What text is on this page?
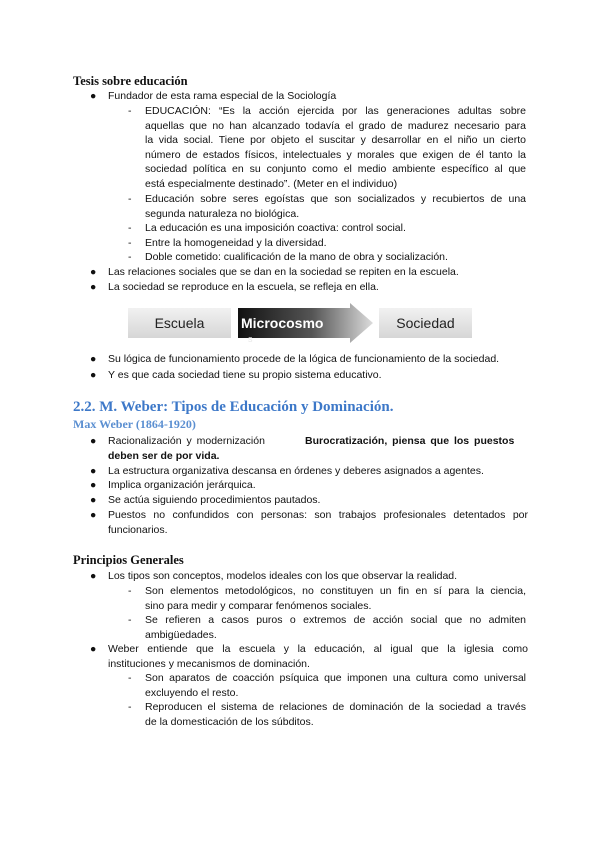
Tesis sobre educación
●	Fundador de esta rama especial de la Sociología
-	EDUCACIÓN: “Es la acción ejercida por las generaciones adultas sobre
aquellas que no han alcanzado todavía el grado de madurez necesario para
la vida social. Tiene por objeto el suscitar y desarrollar en el niño un cierto
número de estados físicos, intelectuales y morales que exigen de él tanto la
sociedad política en su conjunto como el medio ambiente específico al que
está especialmente destinado”. (Meter en el individuo)
-	Educación sobre seres egoístas que son socializados y recubiertos de una
segunda naturaleza no biológica.
-	La educación es una imposición coactiva: control social.
-	Entre la homogeneidad y la diversidad.
-	Doble cometido: cualificación de la mano de obra y socialización.
●	Las relaciones sociales que se dan en la sociedad se repiten en la escuela.
●	La sociedad se reproduce en la escuela, se refleja en ella.
Escuela	Microcosmo
s
Sociedad
●	Su lógica de funcionamiento procede de la lógica de funcionamiento de la sociedad.
●	Y es que cada sociedad tiene su propio sistema educativo.
2.2. M. Weber: Tipos de Educación y Dominación.
Max Weber (1864-1920)
●	Racionalización y modernización	Burocratización, piensa que los puestos
deben ser de por vida.
●	La estructura organizativa descansa en órdenes y deberes asignados a agentes.
●	Implica organización jerárquica.
●	Se actúa siguiendo procedimientos pautados.
●	Puestos no confundidos con personas: son trabajos profesionales detentados por
funcionarios.
Principios Generales
●	Los tipos son conceptos, modelos ideales con los que observar la realidad.
-	Son elementos metodológicos, no constituyen un fin en sí para la ciencia,
sino para medir y comparar fenómenos sociales.
-	Se refieren a casos puros o extremos de acción social que no admiten
ambigüedades.
●	Weber entiende que la escuela y la educación, al igual que la iglesia como
instituciones y mecanismos de dominación.
-	Son aparatos de coacción psíquica que imponen una cultura como universal
excluyendo el resto.
-	Reproducen el sistema de relaciones de dominación de la sociedad a través
de la domesticación de los súbditos.
